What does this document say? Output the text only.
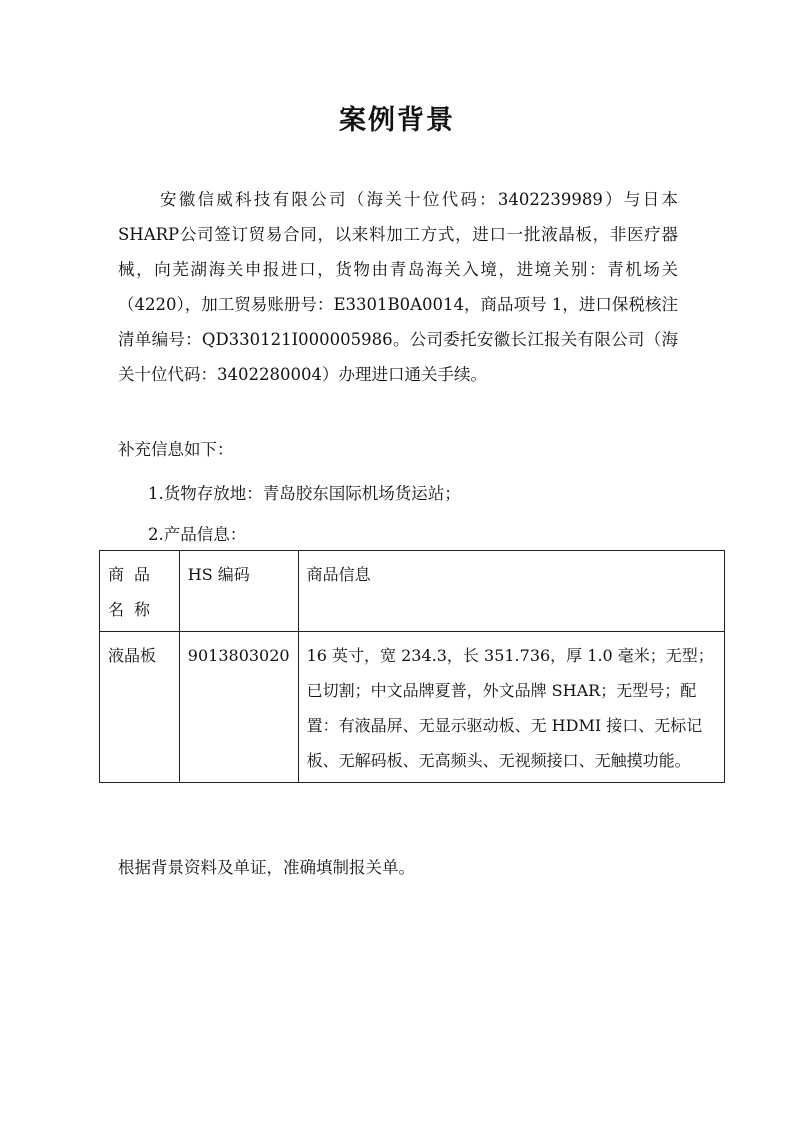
案例背景

安徽信威科技有限公司（海关十位代码：3402239989）与日本SHARP公司签订贸易合同，以来料加工方式，进口一批液晶板，非医疗器械，向芜湖海关申报进口，货物由青岛海关入境，进境关别：青机场关（4220），加工贸易账册号：E3301B0A0014，商品项号 1，进口保税核注清单编号：QD330121I000005986。公司委托安徽长江报关有限公司（海关十位代码：3402280004）办理进口通关手续。

补充信息如下：

1.货物存放地：青岛胶东国际机场货运站；

2.产品信息：

商品名称	HS 编码	商品信息
液晶板	9013803020	16 英寸，宽 234.3，长 351.736，厚 1.0 毫米；无型；已切割；中文品牌夏普，外文品牌 SHAR；无型号；配置：有液晶屏、无显示驱动板、无 HDMI 接口、无标记板、无解码板、无高频头、无视频接口、无触摸功能。

根据背景资料及单证，准确填制报关单。
